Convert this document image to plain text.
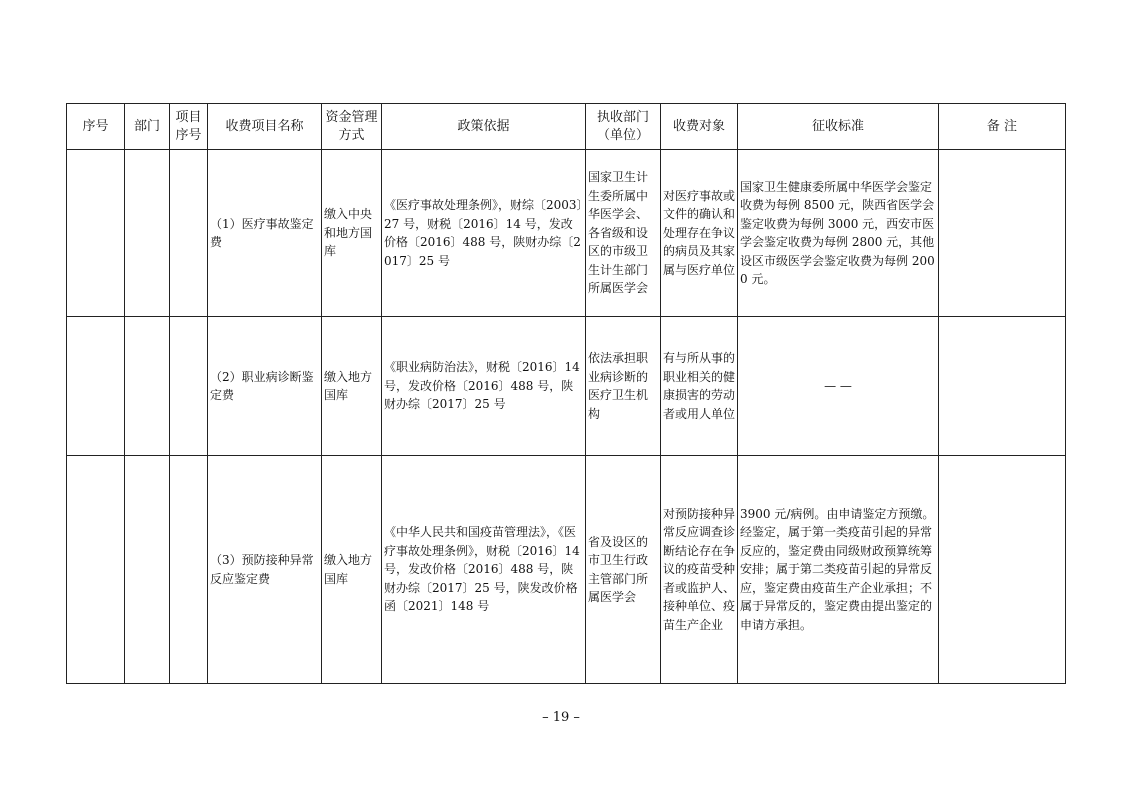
序号	部门	项目序号	收费项目名称	资金管理方式	政策依据	执收部门（单位）	收费对象	征收标准	备 注
			（1）医疗事故鉴定费	缴入中央和地方国库	《医疗事故处理条例》，财综〔2003〕27 号，财税〔2016〕14 号，发改价格〔2016〕488 号，陕财办综〔2017〕25 号	国家卫生计生委所属中华医学会、各省级和设区的市级卫生计生部门所属医学会	对医疗事故或文件的确认和处理存在争议的病员及其家属与医疗单位	国家卫生健康委所属中华医学会鉴定收费为每例 8500 元，陕西省医学会鉴定收费为每例 3000 元，西安市医学会鉴定收费为每例 2800 元，其他设区市级医学会鉴定收费为每例 2000 元。	
			（2）职业病诊断鉴定费	缴入地方国库	《职业病防治法》，财税〔2016〕14 号，发改价格〔2016〕488 号，陕财办综〔2017〕25 号	依法承担职业病诊断的医疗卫生机构	有与所从事的职业相关的健康损害的劳动者或用人单位	— —	
			（3）预防接种异常反应鉴定费	缴入地方国库	《中华人民共和国疫苗管理法》，《医疗事故处理条例》，财税〔2016〕14 号，发改价格〔2016〕488 号，陕财办综〔2017〕25 号，陕发改价格函〔2021〕148 号	省及设区的市卫生行政主管部门所属医学会	对预防接种异常反应调查诊断结论存在争议的疫苗受种者或监护人、接种单位、疫苗生产企业	3900 元/病例。由申请鉴定方预缴。经鉴定，属于第一类疫苗引起的异常反应的，鉴定费由同级财政预算统筹安排；属于第二类疫苗引起的异常反应，鉴定费由疫苗生产企业承担；不属于异常反的，鉴定费由提出鉴定的申请方承担。	
– 19 –
